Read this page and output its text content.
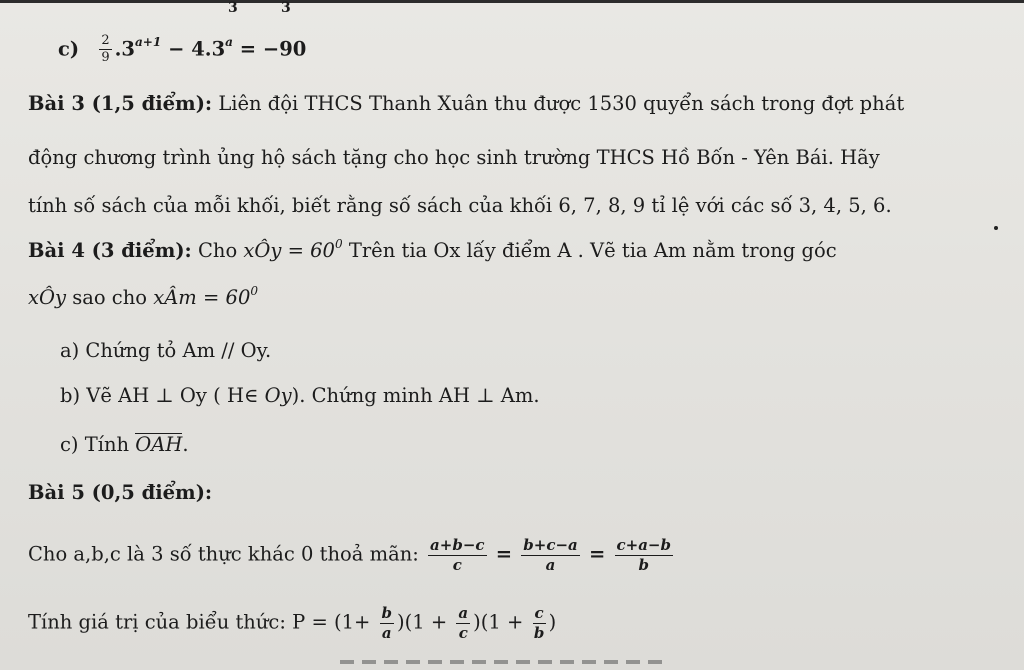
3	3
$c) \frac{2}{9} .3^{a+1} - 4.3^a = -90$
Bài 3 (1,5 điểm): Liên đội THCS Thanh Xuân thu được 1530 quyển sách trong đợt phát
động chương trình ủng hộ sách tặng cho học sinh trường THCS Hồ Bốn - Yên Bái. Hãy
tính số sách của mỗi khối, biết rằng số sách của khối 6, 7, 8, 9 tỉ lệ với các số 3, 4, 5, 6.
Bài 4 (3 điểm): Cho xÔy = $60^0$ Trên tia Ox lấy điểm A . Vẽ tia Am nằm trong góc
xÔy sao cho xÂm = $60^0$
a) Chứng tỏ Am // Oy.
b) Vẽ AH ⊥ Oy ( H∈ Oy). Chứng minh AH ⊥ Am.
c) Tính OAH.
Bài 5 (0,5 điểm):
Cho a,b,c là 3 số thực khác 0 thoả mãn: $\frac{a+b-c}{c} = \frac{b+c-a}{a} = \frac{c+a-b}{b}$
Tính giá trị của biểu thức: $P = (1+ \frac{b}{a} )(1 + \frac{a}{c} )(1 + \frac{c}{b}$ )
